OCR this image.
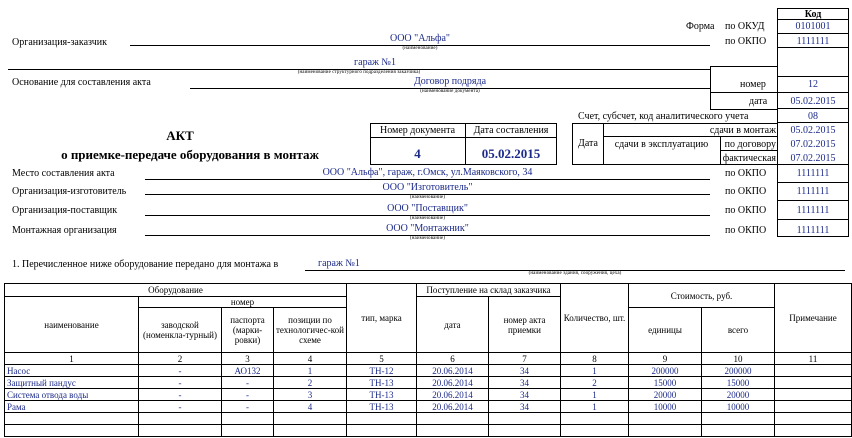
Код
Форма по ОКУД	0101001
по ОКПО	1111111
Организация-заказчик	ООО "Альфа"
(наименование)
гараж №1
(наименование структурного подразделения заказчика)
Основание для составления акта	Договор подряда
(наименование документа)
номер	12
дата	05.02.2015
Счет, субсчет, код аналитического учета	08
АКТ
о приемке-передаче оборудования в монтаж
Номер документа	Дата составления
4	05.02.2015
Дата
сдачи в монтаж	05.02.2015
сдачи в эксплуатацию	по договору	07.02.2015
фактическая	07.02.2015
Место составления акта	ООО "Альфа", гараж, г.Омск, ул.Маяковского, 34	по ОКПО	1111111
Организация-изготовитель	ООО "Изготовитель"
(наименование)
по ОКПО	1111111
Организация-поставщик	ООО "Поставщик"
(наименование)
по ОКПО	1111111
Монтажная организация	ООО "Монтажник"
(наименование)
по ОКПО	1111111
1. Перечисленное ниже оборудование передано для монтажа в	гараж №1
(наименование здания, сооружения, цеха)
Оборудование				тип, марка	Поступление на склад заказчика		Количество, шт.	Стоимость, руб.		Примечание
наименование	номер				дата	номер акта приемки				
	заводской (номенкла-турный)	паспорта (марки-ровки)	позиции по технологичес-кой схеме					единицы	всего	
1	2	3	4	5	6	7	8	9	10	11
Насос	-	АО132	1	ТН-12	20.06.2014	34	1	200000	200000	
Защитный пандус	-	-	2	ТН-13	20.06.2014	34	2	15000	15000	
Система отвода воды	-	-	3	ТН-13	20.06.2014	34	1	20000	20000	
Рама	-	-	4	ТН-13	20.06.2014	34	1	10000	10000	
